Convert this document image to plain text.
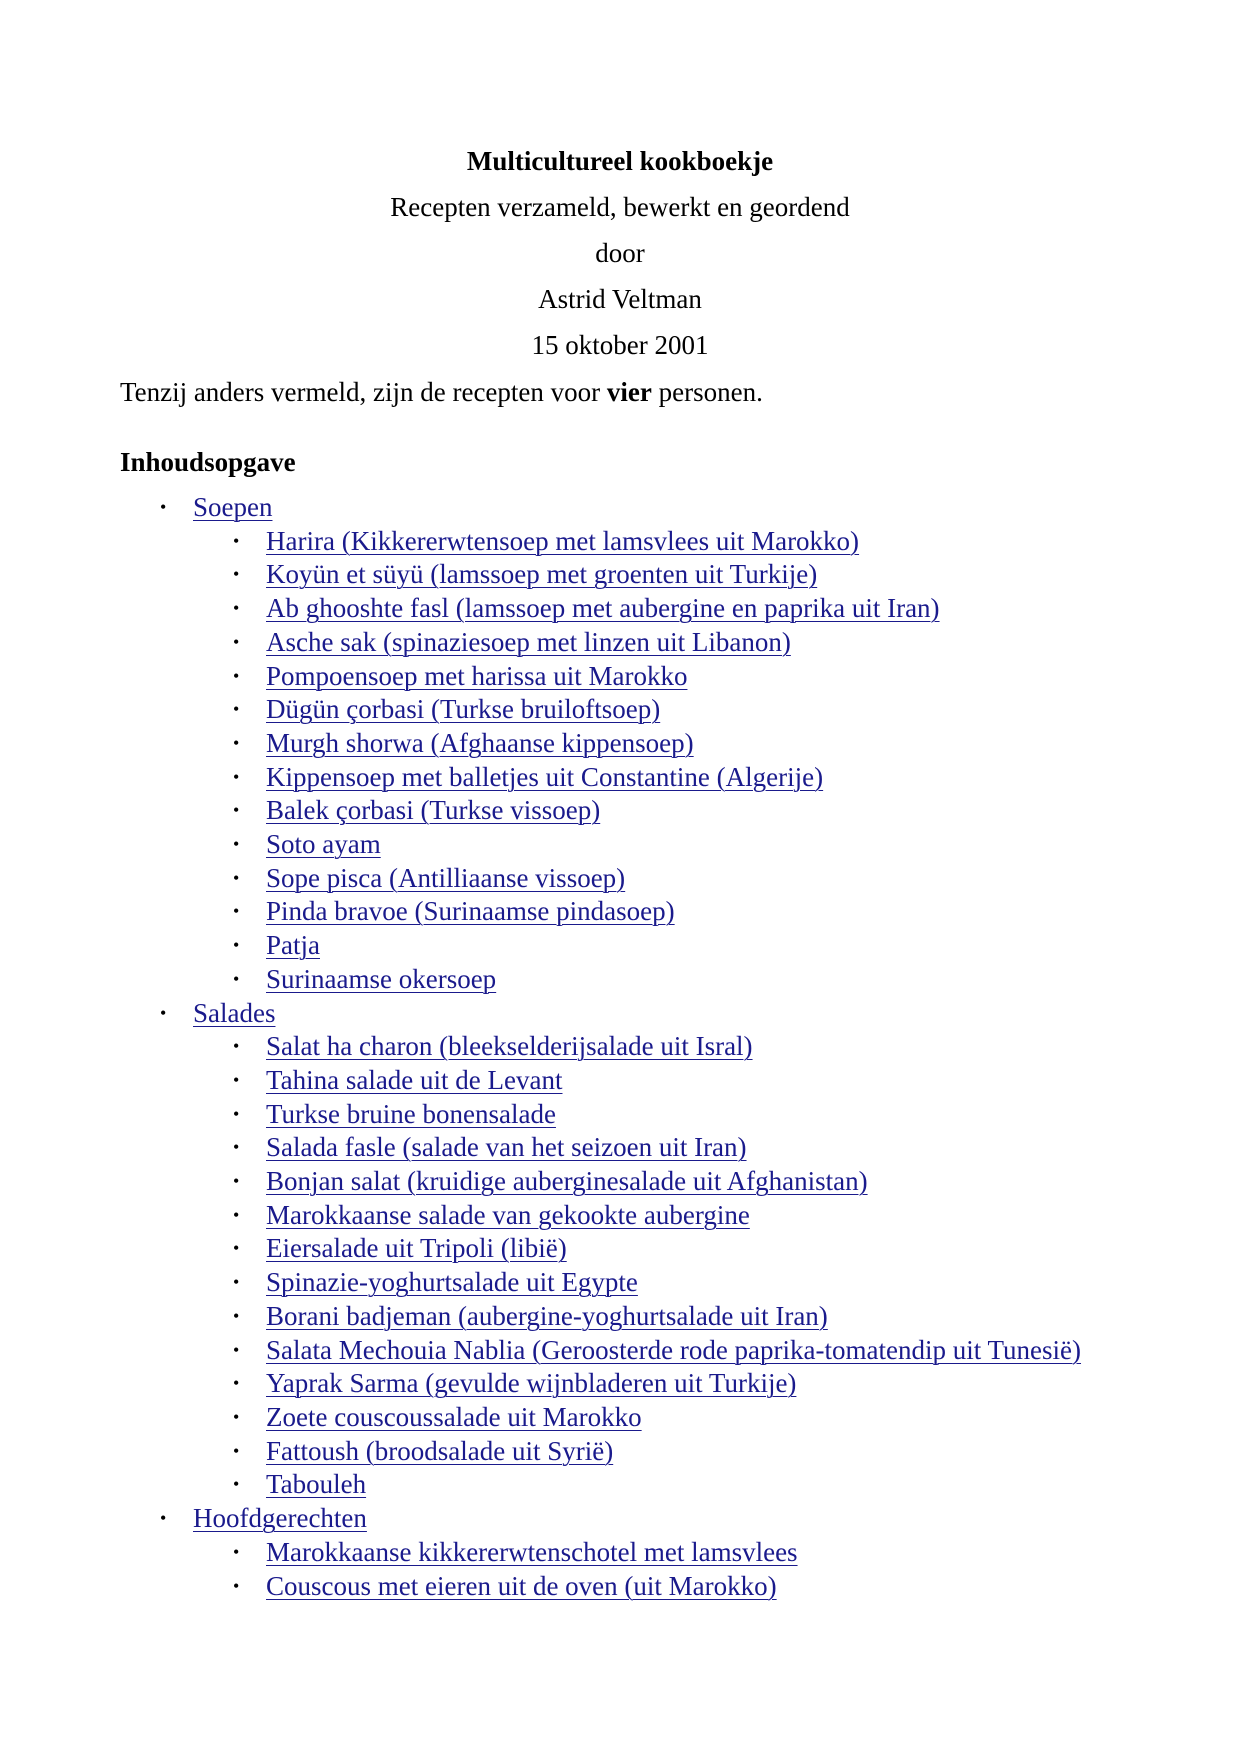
Multicultureel kookboekje
Recepten verzameld, bewerkt en geordend
door
Astrid Veltman
15 oktober 2001
Tenzij anders vermeld, zijn de recepten voor vier personen.
Inhoudsopgave
• Soepen
• Harira (Kikkererwtensoep met lamsvlees uit Marokko)
• Koyün et süyü (lamssoep met groenten uit Turkije)
• Ab ghooshte fasl (lamssoep met aubergine en paprika uit Iran)
• Asche sak (spinaziesoep met linzen uit Libanon)
• Pompoensoep met harissa uit Marokko
• Dügün çorbasi (Turkse bruiloftsoep)
• Murgh shorwa (Afghaanse kippensoep)
• Kippensoep met balletjes uit Constantine (Algerije)
• Balek çorbasi (Turkse vissoep)
• Soto ayam
• Sope pisca (Antilliaanse vissoep)
• Pinda bravoe (Surinaamse pindasoep)
• Patja
• Surinaamse okersoep
• Salades
• Salat ha charon (bleekselderijsalade uit Isral)
• Tahina salade uit de Levant
• Turkse bruine bonensalade
• Salada fasle (salade van het seizoen uit Iran)
• Bonjan salat (kruidige auberginesalade uit Afghanistan)
• Marokkaanse salade van gekookte aubergine
• Eiersalade uit Tripoli (libië)
• Spinazie-yoghurtsalade uit Egypte
• Borani badjeman (aubergine-yoghurtsalade uit Iran)
• Salata Mechouia Nablia (Geroosterde rode paprika-tomatendip uit Tunesië)
• Yaprak Sarma (gevulde wijnbladeren uit Turkije)
• Zoete couscoussalade uit Marokko
• Fattoush (broodsalade uit Syrië)
• Tabouleh
• Hoofdgerechten
• Marokkaanse kikkererwtenschotel met lamsvlees
• Couscous met eieren uit de oven (uit Marokko)
